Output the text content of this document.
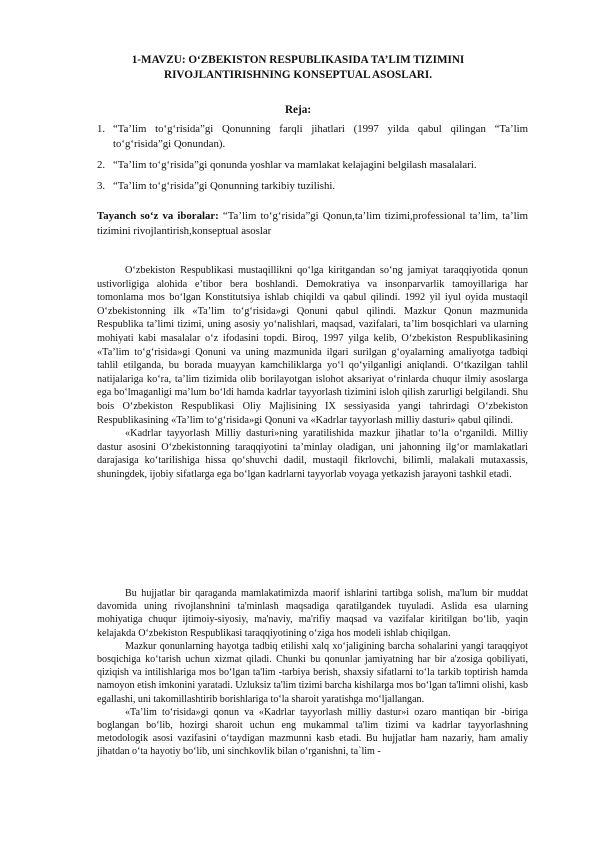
1-MAVZU: O‘ZBEKISTON RESPUBLIKASIDA TA’LIM TIZIMINI
RIVOJLANTIRISHNING KONSEPTUAL ASOSLARI.
Reja:
1. “Ta’lim to‘g‘risida”gi Qonunning farqli jihatlari (1997 yilda qabul qilingan “Ta’lim to‘g‘risida”gi Qonundan).
2. “Ta’lim to‘g‘risida”gi qonunda yoshlar va mamlakat kelajagini belgilash masalalari.
3. “Ta’lim to‘g‘risida”gi Qonunning tarkibiy tuzilishi.
Tayanch so‘z va iboralar: “Ta’lim to‘g‘risida”gi Qonun,ta’lim tizimi,professional ta’lim, ta’lim tizimini rivojlantirish,konseptual asoslar

O‘zbekiston Respublikasi mustaqillikni qo‘lga kiritgandan so‘ng jamiyat taraqqiyotida qonun ustivorligiga alohida e’tibor bera boshlandi. Demokratiya va insonparvarlik tamoyillariga har tomonlama mos bo‘lgan Konstitutsiya ishlab chiqildi va qabul qilindi. 1992 yil iyul oyida mustaqil O‘zbekistonning ilk «Ta’lim to‘g‘risida»gi Qonuni qabul qilindi. Mazkur Qonun mazmunida Respublika ta’limi tizimi, uning asosiy yo‘nalishlari, maqsad, vazifalari, ta’lim bosqichlari va ularning mohiyati kabi masalalar o‘z ifodasini topdi. Biroq, 1997 yilga kelib, O‘zbekiston Respublikasining «Ta’lim to‘g‘risida»gi Qonuni va uning mazmunida ilgari surilgan g‘oyalarning amaliyotga tadbiqi tahlil etilganda, bu borada muayyan kamchiliklarga yo‘l qo‘yilganligi aniqlandi. O‘tkazilgan tahlil natijalariga ko‘ra, ta’lim tizimida olib borilayotgan islohot aksariyat o‘rinlarda chuqur ilmiy asoslarga ega bo‘lmaganligi ma’lum bo‘ldi hamda kadrlar tayyorlash tizimini isloh qilish zarurligi belgilandi. Shu bois O‘zbekiston Respublikasi Oliy Majlisining IX sessiyasida yangi tahrirdagi O‘zbekiston Respublikasining «Ta’lim to‘g‘risida»gi Qonuni va «Kadrlar tayyorlash milliy dasturi» qabul qilindi.

«Kadrlar tayyorlash Milliy dasturi»ning yaratilishida mazkur jihatlar to‘la o‘rganildi. Milliy dastur asosini O‘zbekistonning taraqqiyotini ta’minlay oladigan, uni jahonning ilg‘or mamlakatlari darajasiga ko‘tarilishiga hissa qo‘shuvchi dadil, mustaqil fikrlovchi, bilimli, malakali mutaxassis, shuningdek, ijobiy sifatlarga ega bo‘lgan kadrlarni tayyorlab voyaga yetkazish jarayoni tashkil etadi.

Bu hujjatlar bir qaraganda mamlakatimizda maorif ishlarini tartibga solish, ma'lum bir muddat davomida uning rivojlanshnini ta'minlash maqsadiga qaratilgandek tuyuladi. Aslida esa ularning mohiyatiga chuqur ijtimoiy-siyosiy, ma'naviy, ma'rifiy maqsad va vazifalar kiritilgan bo‘lib, yaqin kelajakda O‘zbekiston Respublikasi taraqqiyotining o‘ziga hos modeli ishlab chiqilgan.

Mazkur qonunlarning hayotga tadbiq etilishi xalq xo‘jaligining barcha sohalarini yangi taraqqiyot bosqichiga ko‘tarish uchun xizmat qiladi. Chunki bu qonunlar jamiyatning har bir a'zosiga qobiliyati, qiziqish va intilishlariga mos bo‘lgan ta'lim -tarbiya berish, shaxsiy sifatlarni to‘la tarkib toptirish hamda namoyon etish imkonini yaratadi. Uzluksiz ta'lim tizimi barcha kishilarga mos bo‘lgan ta'limni olishi, kasb egallashi, uni takomillashtirib borishlariga to‘la sharoit yaratishga mo‘ljallangan.

«Ta’lim to‘risida»gi qonun va «Kadrlar tayyorlash milliy dastur»i ozaro mantiqan bir -biriga boglangan bo‘lib, hozirgi sharoit uchun eng mukammal ta'lim tizimi va kadrlar tayyorlashning metodologik asosi vazifasini o‘taydigan mazmunni kasb etadi. Bu hujjatlar ham nazariy, ham amaliy jihatdan o‘ta hayotiy bo‘lib, uni sinchkovlik bilan o‘rganishni, ta`lim -
